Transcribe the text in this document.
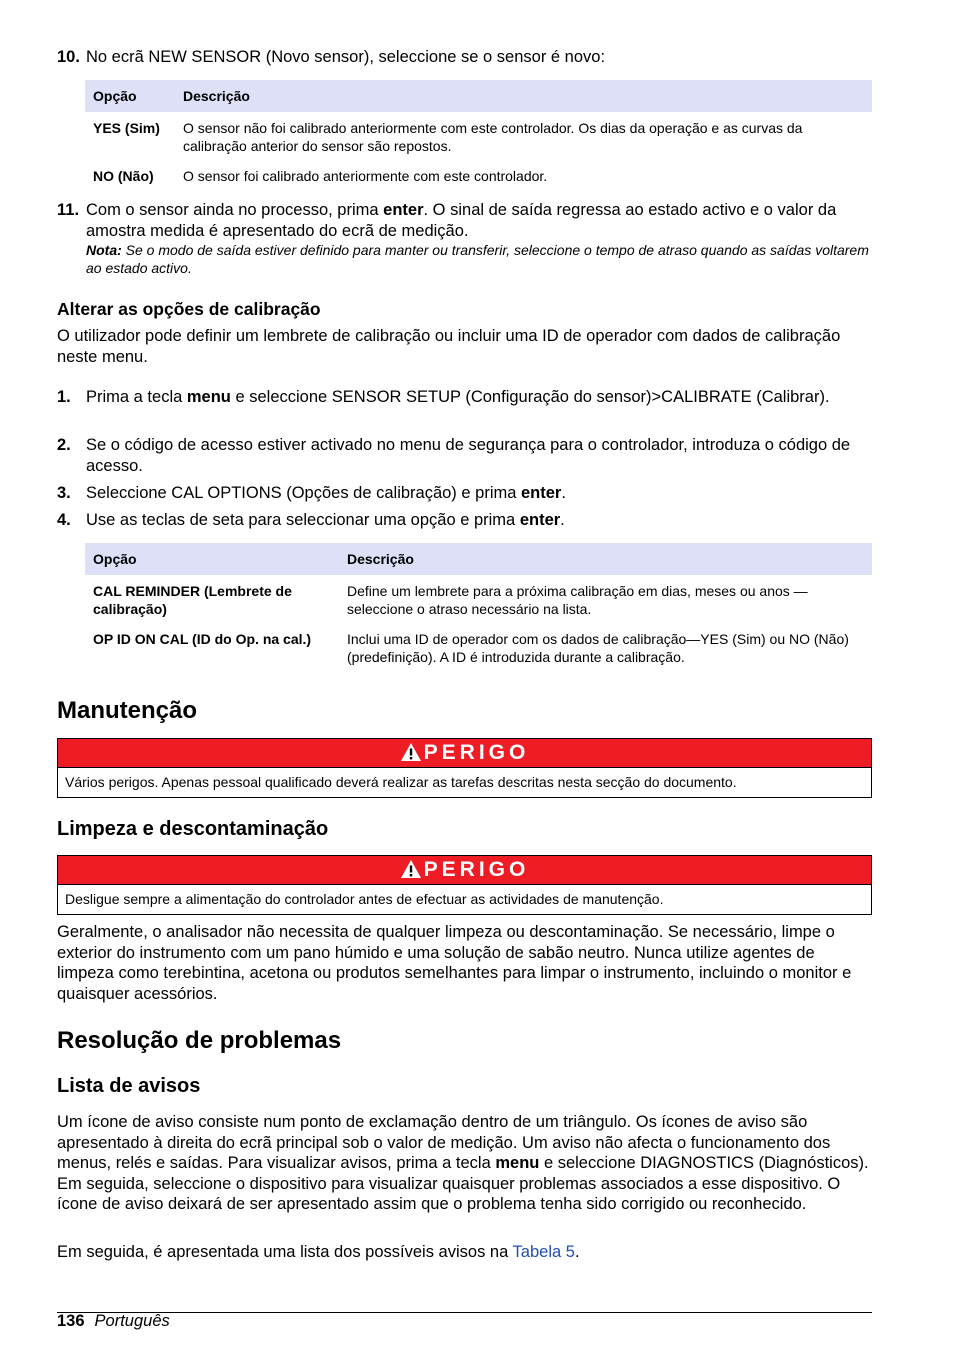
10. No ecrã NEW SENSOR (Novo sensor), seleccione se o sensor é novo:
Opção	Descrição
YES (Sim)	O sensor não foi calibrado anteriormente com este controlador. Os dias da operação e as curvas da calibração anterior do sensor são repostos.
NO (Não)	O sensor foi calibrado anteriormente com este controlador.
11. Com o sensor ainda no processo, prima enter. O sinal de saída regressa ao estado activo e o valor da amostra medida é apresentado do ecrã de medição.
Nota: Se o modo de saída estiver definido para manter ou transferir, seleccione o tempo de atraso quando as saídas voltarem ao estado activo.
Alterar as opções de calibração
O utilizador pode definir um lembrete de calibração ou incluir uma ID de operador com dados de calibração neste menu.
1. Prima a tecla menu e seleccione SENSOR SETUP (Configuração do sensor)>CALIBRATE (Calibrar).
2. Se o código de acesso estiver activado no menu de segurança para o controlador, introduza o código de acesso.
3. Seleccione CAL OPTIONS (Opções de calibração) e prima enter.
4. Use as teclas de seta para seleccionar uma opção e prima enter.
Opção	Descrição
CAL REMINDER (Lembrete de calibração)	Define um lembrete para a próxima calibração em dias, meses ou anos —seleccione o atraso necessário na lista.
OP ID ON CAL (ID do Op. na cal.)	Inclui uma ID de operador com os dados de calibração—YES (Sim) ou NO (Não) (predefinição). A ID é introduzida durante a calibração.
Manutenção
PERIGO
Vários perigos. Apenas pessoal qualificado deverá realizar as tarefas descritas nesta secção do documento.
Limpeza e descontaminação
PERIGO
Desligue sempre a alimentação do controlador antes de efectuar as actividades de manutenção.
Geralmente, o analisador não necessita de qualquer limpeza ou descontaminação. Se necessário, limpe o exterior do instrumento com um pano húmido e uma solução de sabão neutro. Nunca utilize agentes de limpeza como terebintina, acetona ou produtos semelhantes para limpar o instrumento, incluindo o monitor e quaisquer acessórios.
Resolução de problemas
Lista de avisos
Um ícone de aviso consiste num ponto de exclamação dentro de um triângulo. Os ícones de aviso são apresentado à direita do ecrã principal sob o valor de medição. Um aviso não afecta o funcionamento dos menus, relés e saídas. Para visualizar avisos, prima a tecla menu e seleccione DIAGNOSTICS (Diagnósticos). Em seguida, seleccione o dispositivo para visualizar quaisquer problemas associados a esse dispositivo. O ícone de aviso deixará de ser apresentado assim que o problema tenha sido corrigido ou reconhecido.
Em seguida, é apresentada uma lista dos possíveis avisos na Tabela 5.
136 Português
